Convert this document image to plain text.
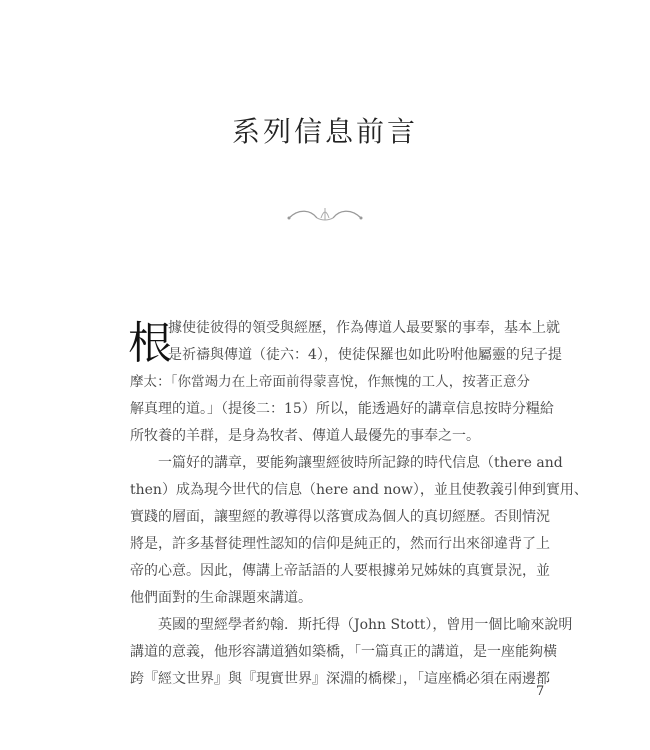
系列信息前言
根
據使徒彼得的領受與經歷，作為傳道人最要緊的事奉，基本上就
是祈禱與傳道（徒六：4），使徒保羅也如此吩咐他屬靈的兒子提
摩太：「你當竭力在上帝面前得蒙喜悅，作無愧的工人，按著正意分
解真理的道。」（提後二：15）所以，能透過好的講章信息按時分糧給
所牧養的羊群，是身為牧者、傳道人最優先的事奉之一。
一篇好的講章，要能夠讓聖經彼時所記錄的時代信息（there and
then）成為現今世代的信息（here and now），並且使教義引伸到實用、
實踐的層面，讓聖經的教導得以落實成為個人的真切經歷。否則情況
將是，許多基督徒理性認知的信仰是純正的，然而行出來卻違背了上
帝的心意。因此，傳講上帝話語的人要根據弟兄姊妹的真實景況，並
他們面對的生命課題來講道。
英國的聖經學者約翰．斯托得（John Stott），曾用一個比喻來說明
講道的意義，他形容講道猶如築橋，「一篇真正的講道，是一座能夠橫
跨『經文世界』與『現實世界』深淵的橋樑」，「這座橋必須在兩邊都
7
